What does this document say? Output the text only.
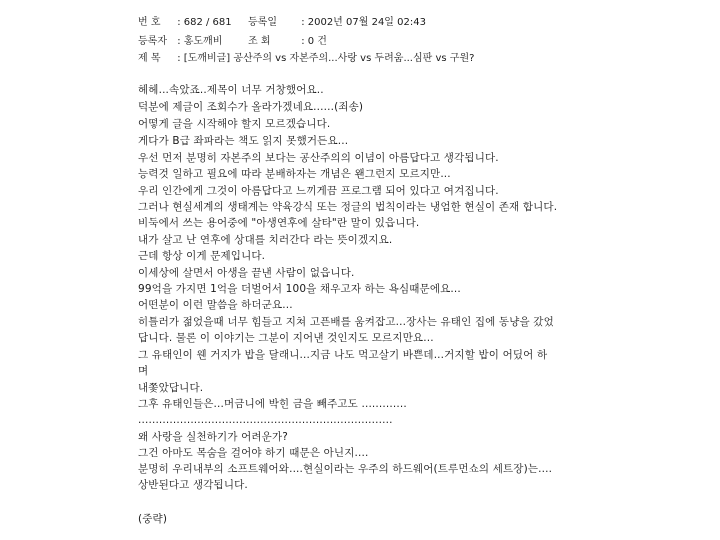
번 호 : 682 / 681 등록일 : 2002년 07월 24일 02:43
등록자 : 홍도깨비	조 회	: 0 건
제 목 : [도깨비글] 공산주의 vs 자본주의...사랑 vs 두려움...심판 vs 구원?
헤헤...속았죠..제목이 너무 거창했어요..
덕분에 제글이 조회수가 올라가겠네요......(죄송)
어떻게 글을 시작해야 할지 모르겠습니다.
게다가 B급 좌파라는 책도 읽지 못했거든요...
우선 먼저 분명히 자본주의 보다는 공산주의의 이념이 아름답다고 생각됩니다.
능력것 일하고 필요에 따라 분배하자는 개념은 왠그런지 모르지만...
우리 인간에게 그것이 아름답다고 느끼게끔 프로그램 되어 있다고 여겨집니다.
그러나 현실세계의 생태계는 약육강식 또는 정글의 법칙이라는 냉엄한 현실이 존재 합니다.
비둑에서 쓰는 용어중에 "아생연후에 살타"란 말이 있읍니다.
내가 살고 난 연후에 상대를 치러간다 라는 뜻이겠지요.
근데 항상 이게 문제입니다.
이세상에 살면서 아생을 끝낸 사람이 없읍니다.
99억을 가지면 1억을 더벌어서 100을 채우고자 하는 욕심때문에요...
어떤분이 이런 말씀을 하더군요...
히틀러가 젊었을때 너무 힘들고 지쳐 고픈배를 움켜잡고...장사는 유태인 집에 동냥을 갔었
답니다. 물론 이 이야기는 그분이 지어낸 것인지도 모르지만요...
그 유태인이 웬 거지가 밥을 달래니...지금 나도 먹고살기 바쁜데...거지할 밥이 어딨어 하
며
내쫓았답니다.
그후 유태인들은...머금니에 박힌 금을 빼주고도 .............
.........................................................................
왜 사랑을 실천하기가 어려운가?
그건 아마도 목숨을 걸어야 하기 때문은 아닌지....
분명히 우리내부의 소프트웨어와....현실이라는 우주의 하드웨어(트루먼쇼의 세트장)는....
상반된다고 생각됩니다.
(중략)
